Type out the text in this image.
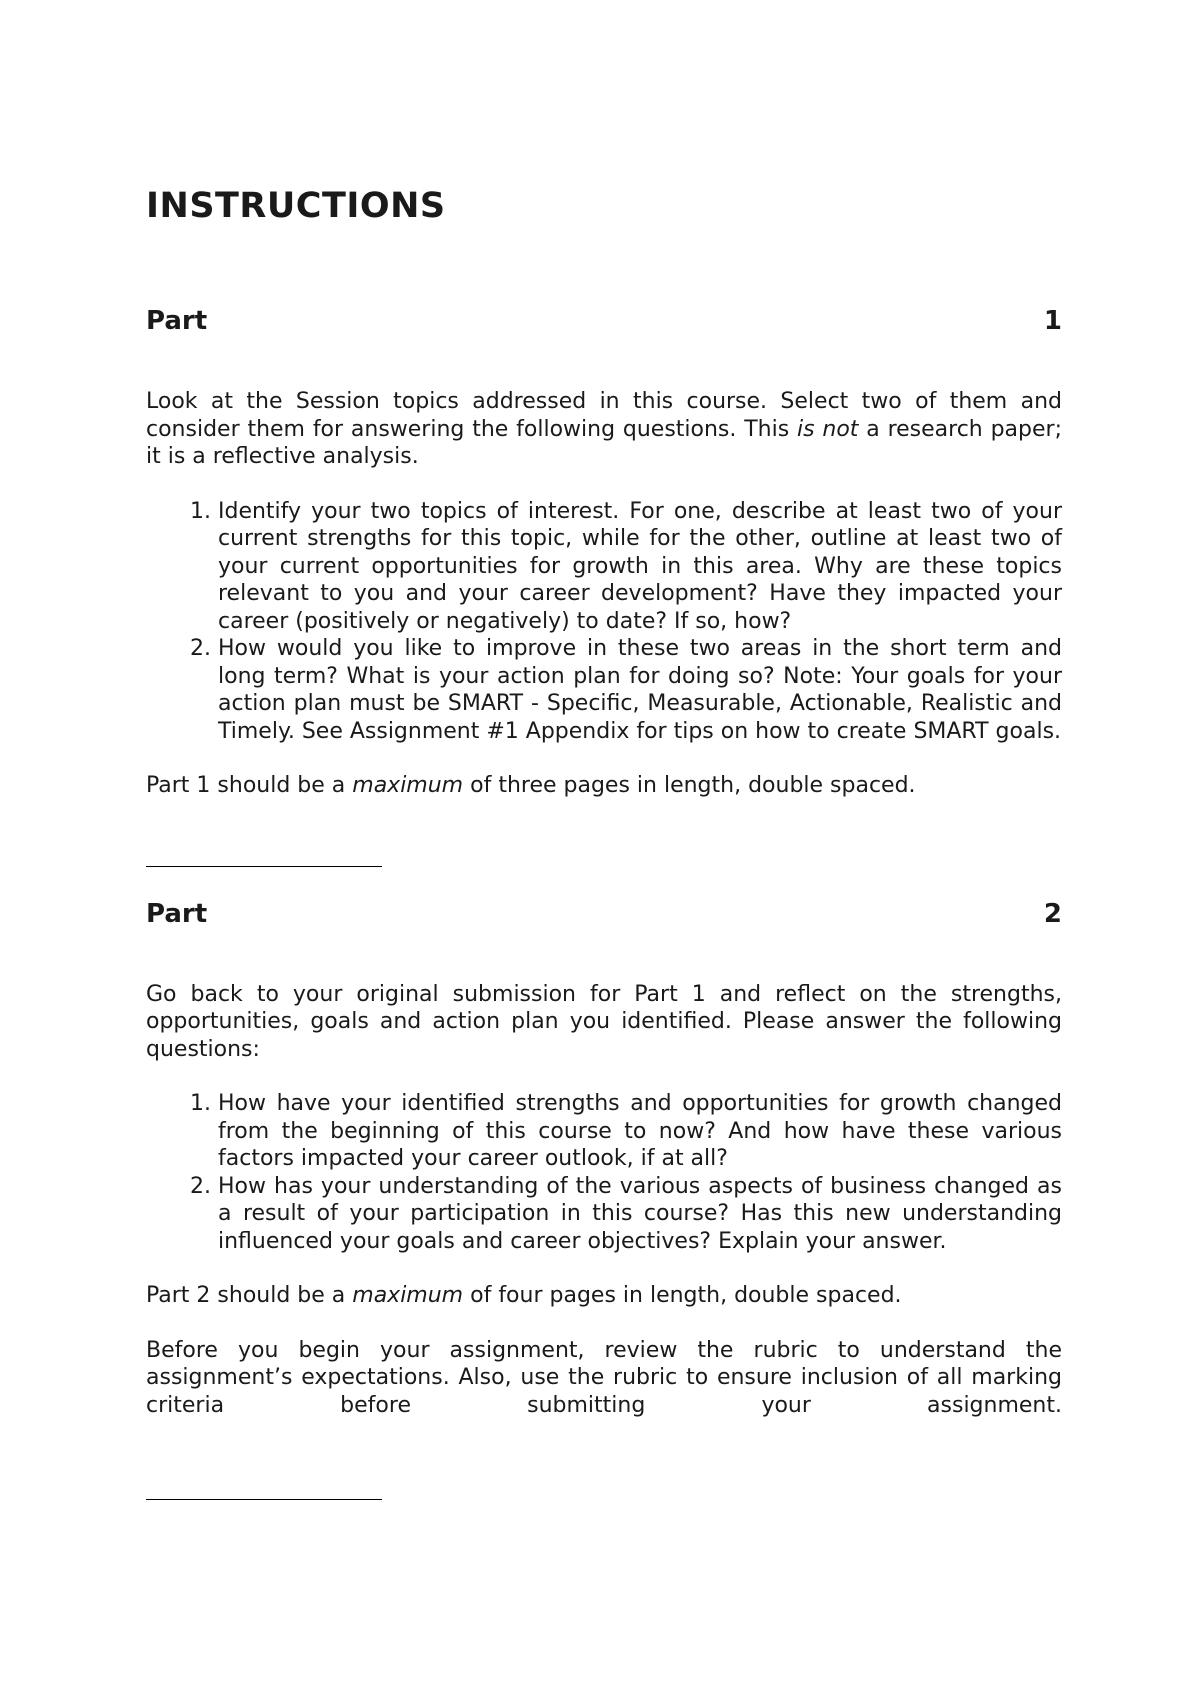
INSTRUCTIONS
Part	1

Look at the Session topics addressed in this course. Select two of them and consider them for answering the following questions. This is not a research paper; it is a reflective analysis.

1. Identify your two topics of interest. For one, describe at least two of your current strengths for this topic, while for the other, outline at least two of your current opportunities for growth in this area. Why are these topics relevant to you and your career development? Have they impacted your career (positively or negatively) to date? If so, how?
2. How would you like to improve in these two areas in the short term and long term? What is your action plan for doing so? Note: Your goals for your action plan must be SMART - Specific, Measurable, Actionable, Realistic and Timely. See Assignment #1 Appendix for tips on how to create SMART goals.

Part 1 should be a maximum of three pages in length, double spaced.

Part	2

Go back to your original submission for Part 1 and reflect on the strengths, opportunities, goals and action plan you identified. Please answer the following questions:

1. How have your identified strengths and opportunities for growth changed from the beginning of this course to now? And how have these various factors impacted your career outlook, if at all?
2. How has your understanding of the various aspects of business changed as a result of your participation in this course? Has this new understanding influenced your goals and career objectives? Explain your answer.

Part 2 should be a maximum of four pages in length, double spaced.

Before you begin your assignment, review the rubric to understand the assignment’s expectations. Also, use the rubric to ensure inclusion of all marking criteria before submitting your assignment.
